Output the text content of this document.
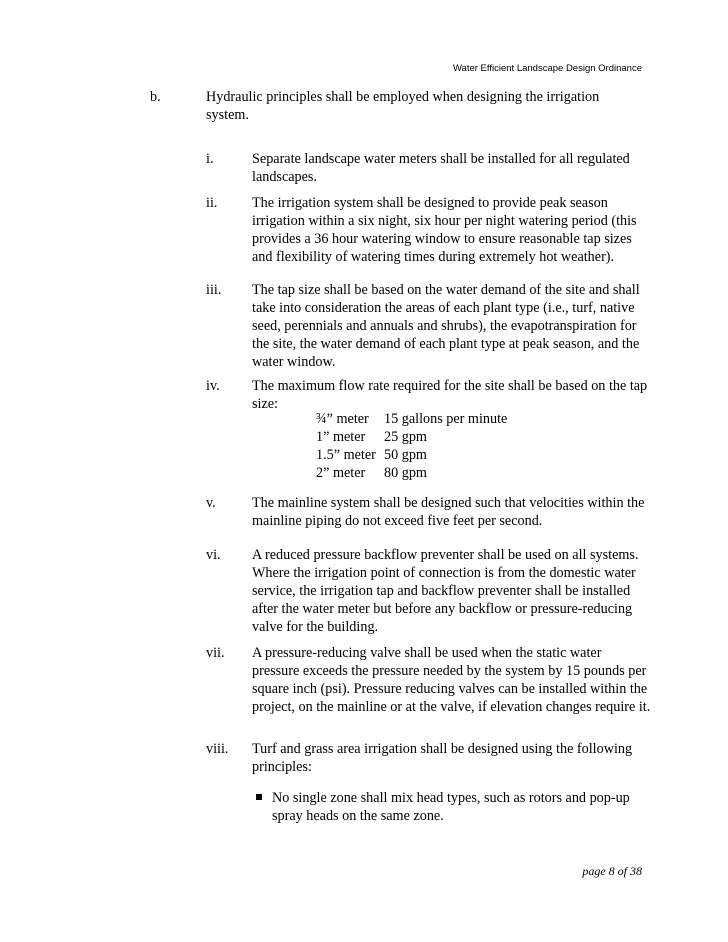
Water Efficient Landscape Design Ordinance
b.	Hydraulic principles shall be employed when designing the irrigation system.
i.	Separate landscape water meters shall be installed for all regulated landscapes.
ii. The irrigation system shall be designed to provide peak season irrigation within a six night, six hour per night watering period (this provides a 36 hour watering window to ensure reasonable tap sizes and flexibility of watering times during extremely hot weather).
iii. The tap size shall be based on the water demand of the site and shall take into consideration the areas of each plant type (i.e., turf, native seed, perennials and annuals and shrubs), the evapotranspiration for the site, the water demand of each plant type at peak season, and the water window.
iv. The maximum flow rate required for the site shall be based on the tap size:
¾” meter 15 gallons per minute
1” meter 25 gpm
1.5” meter 50 gpm
2” meter 80 gpm
v.	The mainline system shall be designed such that velocities within the mainline piping do not exceed five feet per second.
vi. A reduced pressure backflow preventer shall be used on all systems. Where the irrigation point of connection is from the domestic water service, the irrigation tap and backflow preventer shall be installed after the water meter but before any backflow or pressure-reducing valve for the building.
vii. A pressure-reducing valve shall be used when the static water pressure exceeds the pressure needed by the system by 15 pounds per square inch (psi). Pressure reducing valves can be installed within the project, on the mainline or at the valve, if elevation changes require it.
viii. Turf and grass area irrigation shall be designed using the following principles:
No single zone shall mix head types, such as rotors and pop-up spray heads on the same zone.
page 8 of 38
